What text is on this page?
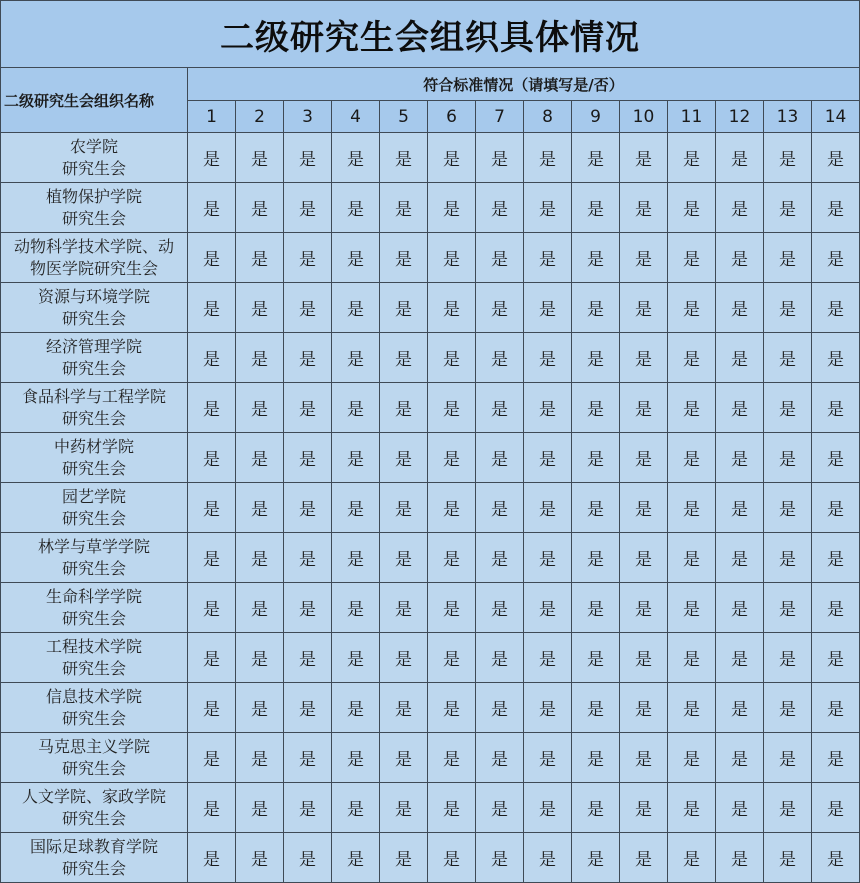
二级研究生会组织具体情况														
二级研究生会组织名称	符合标准情况（请填写是/否）													
	1	2	3	4	5	6	7	8	9	10	11	12	13	14

农学院
研究生会	是	是	是	是	是	是	是	是	是	是	是	是	是	是

植物保护学院
研究生会	是	是	是	是	是	是	是	是	是	是	是	是	是	是

动物科学技术学院、动
物医学院研究生会	是	是	是	是	是	是	是	是	是	是	是	是	是	是

资源与环境学院
研究生会	是	是	是	是	是	是	是	是	是	是	是	是	是	是

经济管理学院
研究生会	是	是	是	是	是	是	是	是	是	是	是	是	是	是

食品科学与工程学院
研究生会	是	是	是	是	是	是	是	是	是	是	是	是	是	是

中药材学院
研究生会	是	是	是	是	是	是	是	是	是	是	是	是	是	是

园艺学院
研究生会	是	是	是	是	是	是	是	是	是	是	是	是	是	是

林学与草学学院
研究生会	是	是	是	是	是	是	是	是	是	是	是	是	是	是

生命科学学院
研究生会	是	是	是	是	是	是	是	是	是	是	是	是	是	是

工程技术学院
研究生会	是	是	是	是	是	是	是	是	是	是	是	是	是	是

信息技术学院
研究生会	是	是	是	是	是	是	是	是	是	是	是	是	是	是

马克思主义学院
研究生会	是	是	是	是	是	是	是	是	是	是	是	是	是	是

人文学院、家政学院
研究生会	是	是	是	是	是	是	是	是	是	是	是	是	是	是

国际足球教育学院
研究生会	是	是	是	是	是	是	是	是	是	是	是	是	是	是
